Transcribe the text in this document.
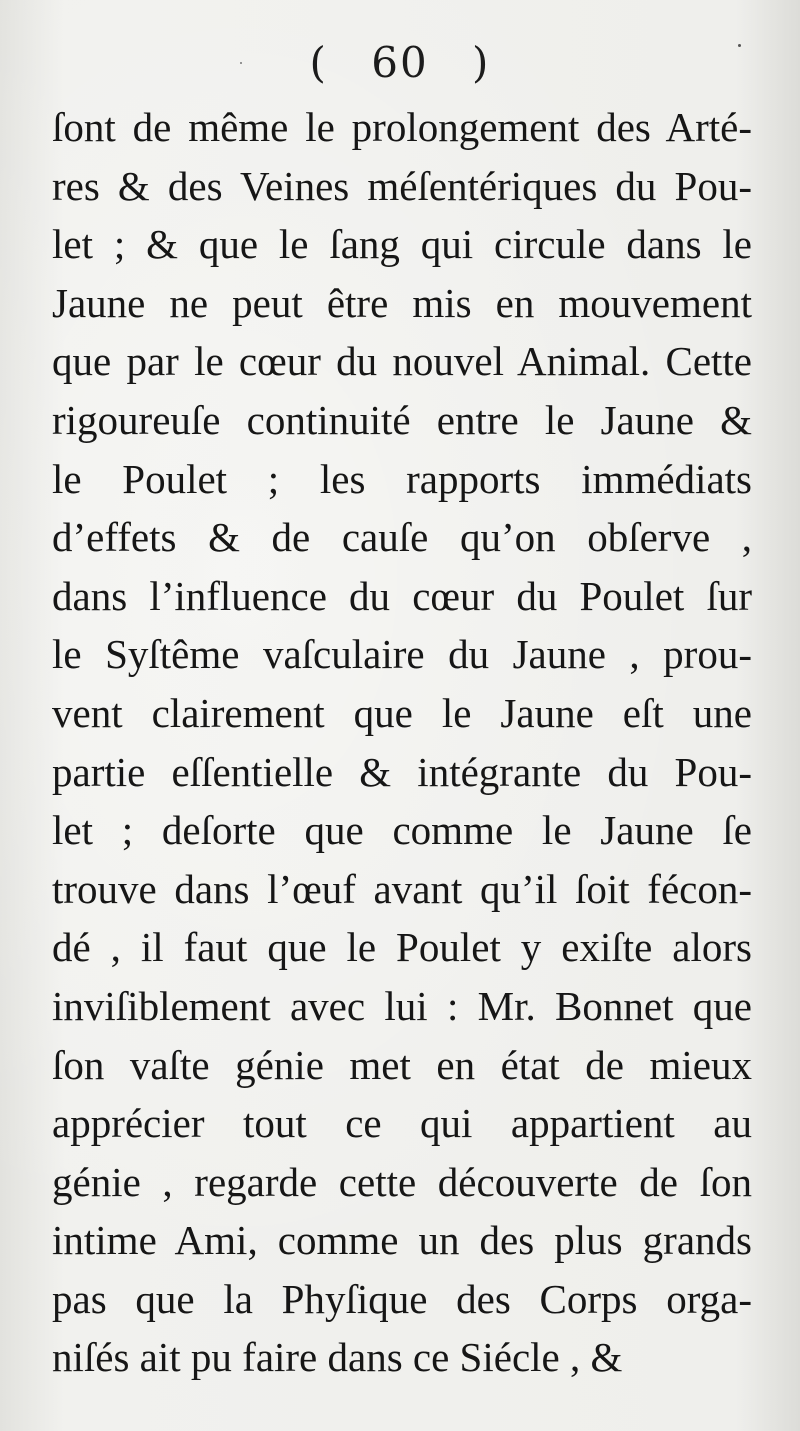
( 60 )
ſont de même le prolongement des Arté-
res & des Veines méſentériques du Pou-
let ; & que le ſang qui circule dans le
Jaune ne peut être mis en mouvement
que par le cœur du nouvel Animal. Cette
rigoureuſe continuité entre le Jaune &
le Poulet ; les rapports immédiats
d’effets & de cauſe qu’on obſerve ,
dans l’influence du cœur du Poulet ſur
le Syſtême vaſculaire du Jaune , prou-
vent clairement que le Jaune eſt une
partie eſſentielle & intégrante du Pou-
let ; deſorte que comme le Jaune ſe
trouve dans l’œuf avant qu’il ſoit fécon-
dé , il faut que le Poulet y exiſte alors
inviſiblement avec lui : Mr. Bonnet que
ſon vaſte génie met en état de mieux
apprécier tout ce qui appartient au
génie , regarde cette découverte de ſon
intime Ami, comme un des plus grands
pas que la Phyſique des Corps orga-
niſés ait pu faire dans ce Siécle , &
